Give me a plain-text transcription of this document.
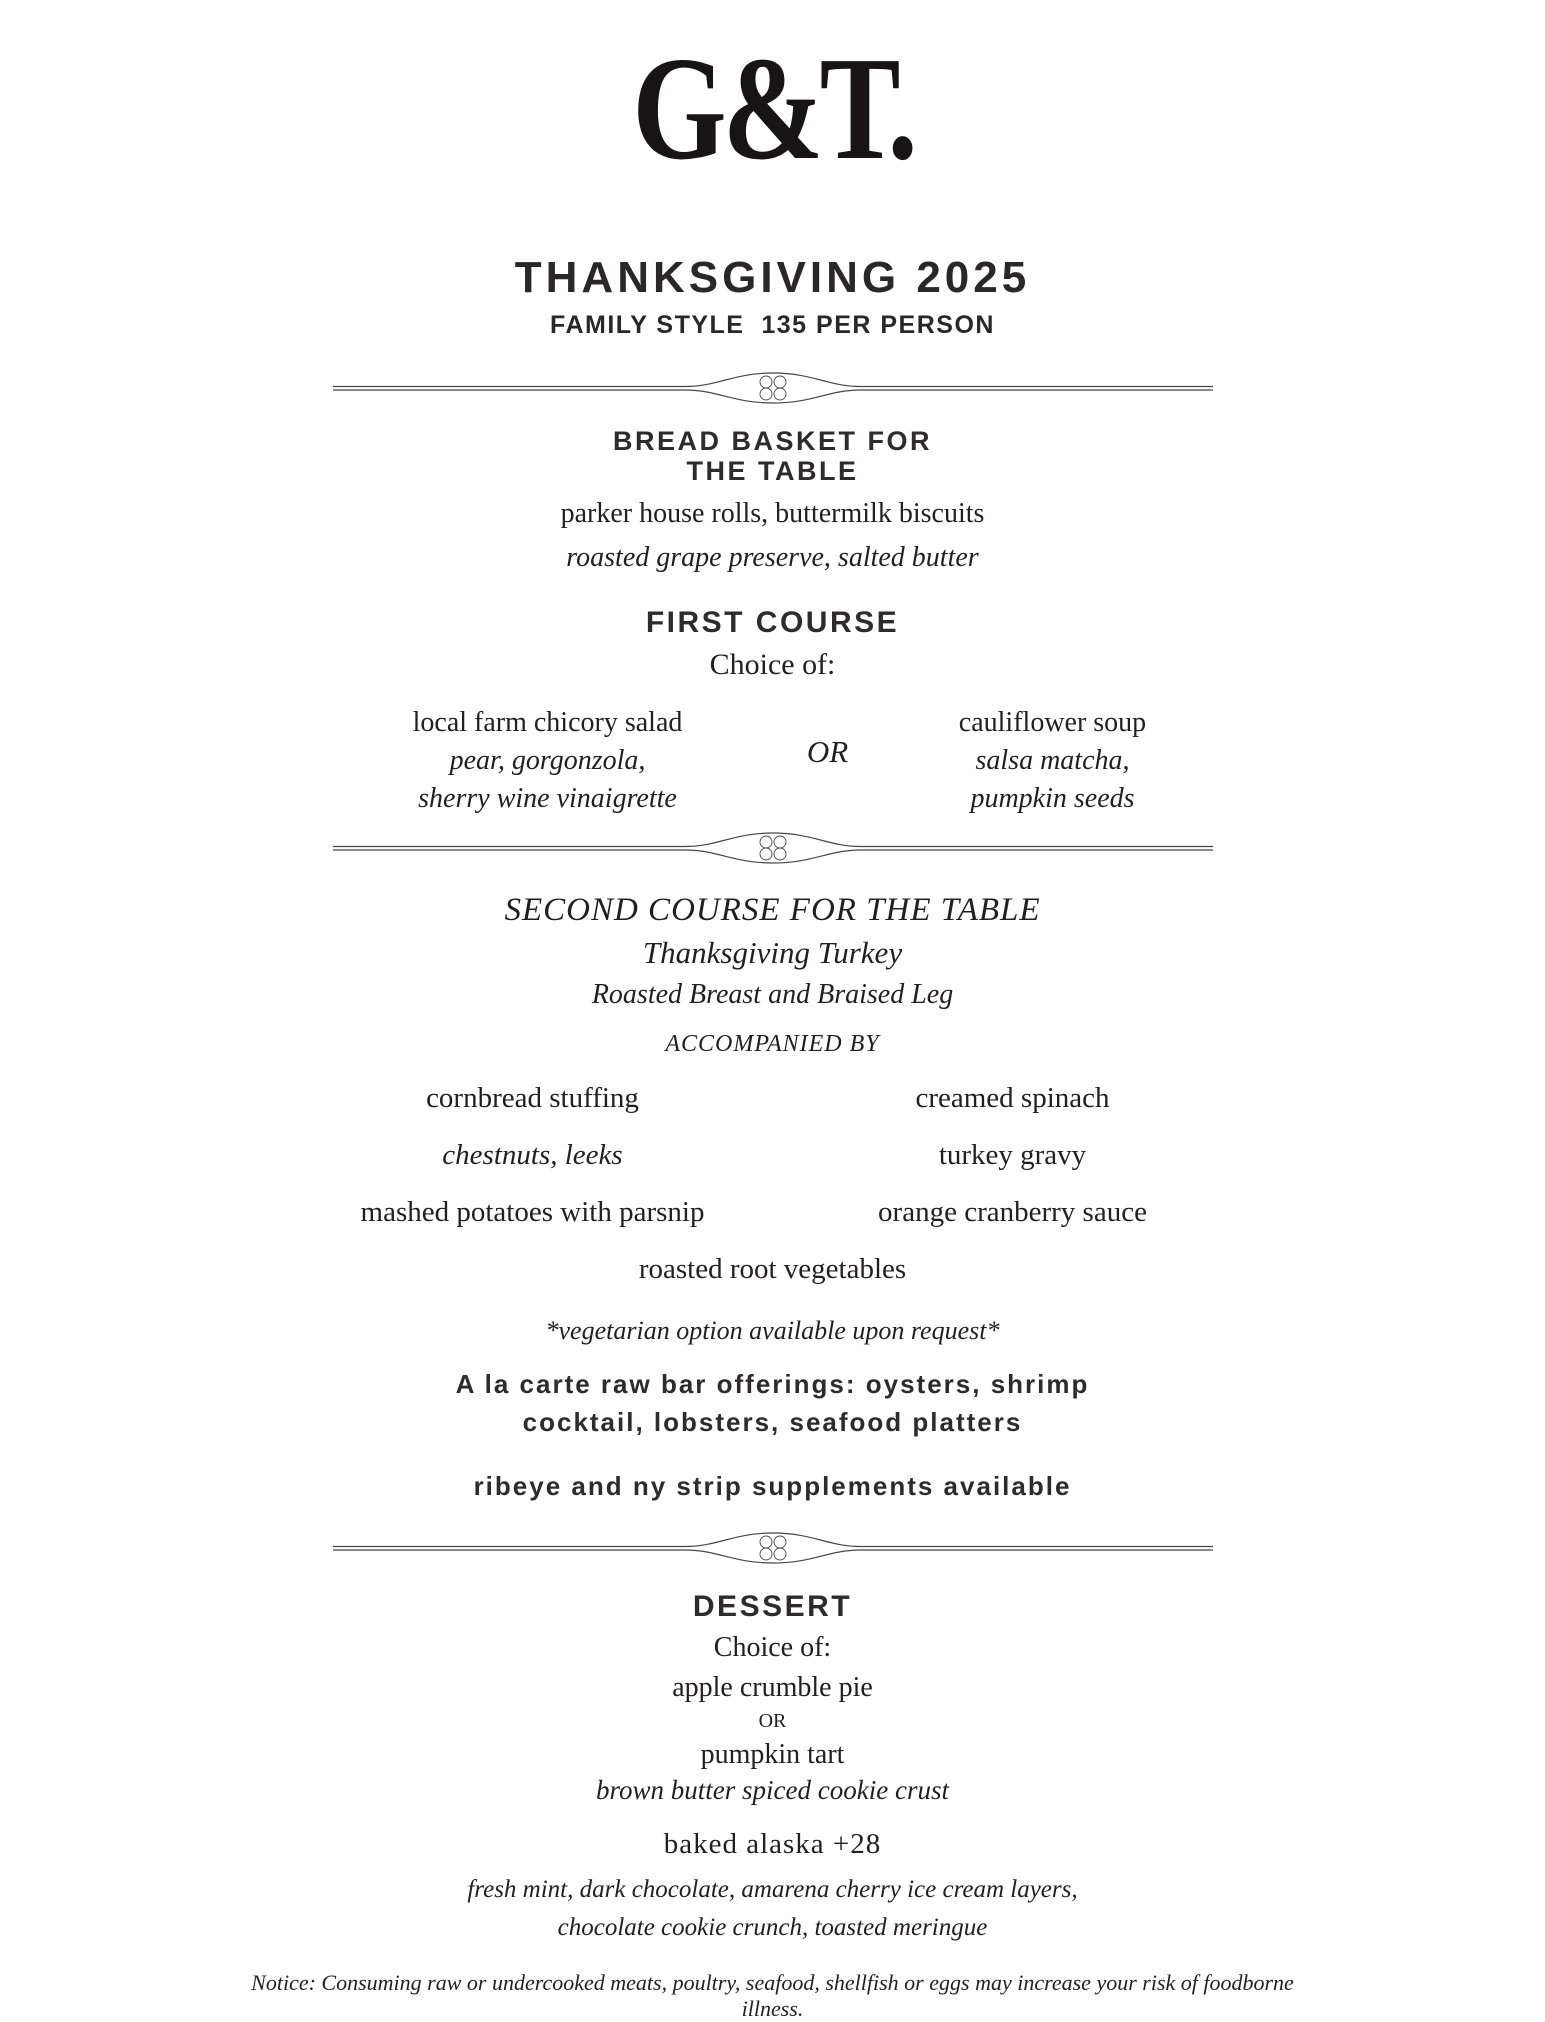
G&T.
THANKSGIVING 2025
FAMILY STYLE  135 PER PERSON
BREAD BASKET FOR
THE TABLE
parker house rolls, buttermilk biscuits
roasted grape preserve, salted butter
FIRST COURSE
Choice of:
local farm chicory salad
pear, gorgonzola,
sherry wine vinaigrette
OR
cauliflower soup
salsa matcha,
pumpkin seeds
SECOND COURSE FOR THE TABLE
Thanksgiving Turkey
Roasted Breast and Braised Leg
ACCOMPANIED BY
cornbread stuffing	creamed spinach
chestnuts, leeks	turkey gravy
mashed potatoes with parsnip	orange cranberry sauce
roasted root vegetables
*vegetarian option available upon request*
A la carte raw bar offerings: oysters, shrimp
cocktail, lobsters, seafood platters
ribeye and ny strip supplements available
DESSERT
Choice of:
apple crumble pie
OR
pumpkin tart
brown butter spiced cookie crust
baked alaska +28
fresh mint, dark chocolate, amarena cherry ice cream layers,
chocolate cookie crunch, toasted meringue
Notice: Consuming raw or undercooked meats, poultry, seafood, shellfish or eggs may increase your risk of foodborne illness.
